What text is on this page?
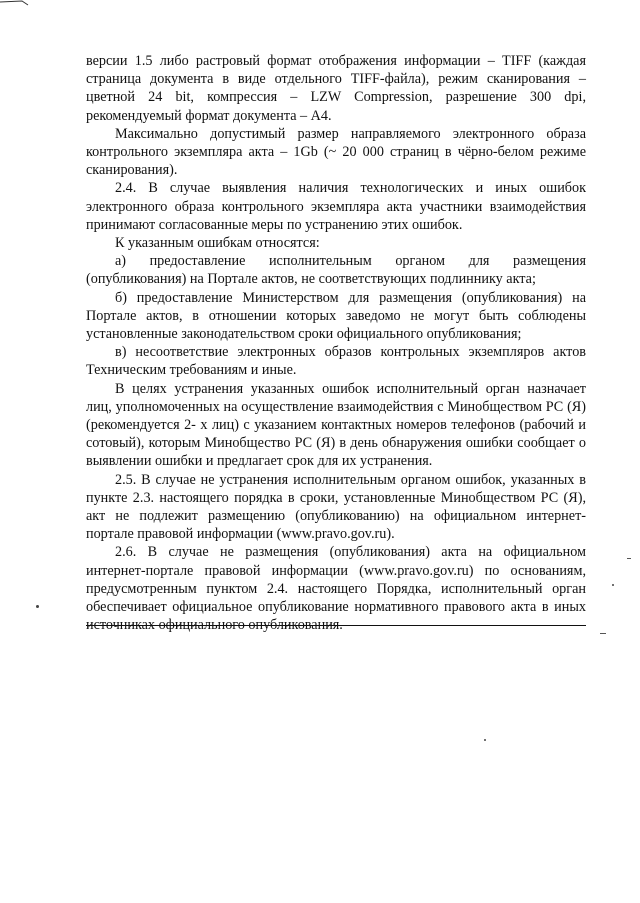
версии 1.5 либо растровый формат отображения информации – TIFF (каждая страница документа в виде отдельного TIFF-файла), режим сканирования – цветной 24 bit, компрессия – LZW Compression, разрешение 300 dpi, рекомендуемый формат документа – А4.

Максимально допустимый размер направляемого электронного образа контрольного экземпляра акта – 1Gb (~ 20 000 страниц в чёрно-белом режиме сканирования).

2.4. В случае выявления наличия технологических и иных ошибок электронного образа контрольного экземпляра акта участники взаимодействия принимают согласованные меры по устранению этих ошибок.

К указанным ошибкам относятся:

а) предоставление исполнительным органом для размещения (опубликования) на Портале актов, не соответствующих подлиннику акта;

б) предоставление Министерством для размещения (опубликования) на Портале актов, в отношении которых заведомо не могут быть соблюдены установленные законодательством сроки официального опубликования;

в) несоответствие электронных образов контрольных экземпляров актов Техническим требованиям и иные.

В целях устранения указанных ошибок исполнительный орган назначает лиц, уполномоченных на осуществление взаимодействия с Минобществом РС (Я) (рекомендуется 2- х лиц) с указанием контактных номеров телефонов (рабочий и сотовый), которым Минобщество РС (Я) в день обнаружения ошибки сообщает о выявлении ошибки и предлагает срок для их устранения.

2.5. В случае не устранения исполнительным органом ошибок, указанных в пункте 2.3. настоящего порядка в сроки, установленные Минобществом РС (Я), акт не подлежит размещению (опубликованию) на официальном интернет-портале правовой информации (www.pravo.gov.ru).

2.6. В случае не размещения (опубликования) акта на официальном интернет-портале правовой информации (www.pravo.gov.ru) по основаниям, предусмотренным пунктом 2.4. настоящего Порядка, исполнительный орган обеспечивает официальное опубликование нормативного правового акта в иных источниках официального опубликования.
